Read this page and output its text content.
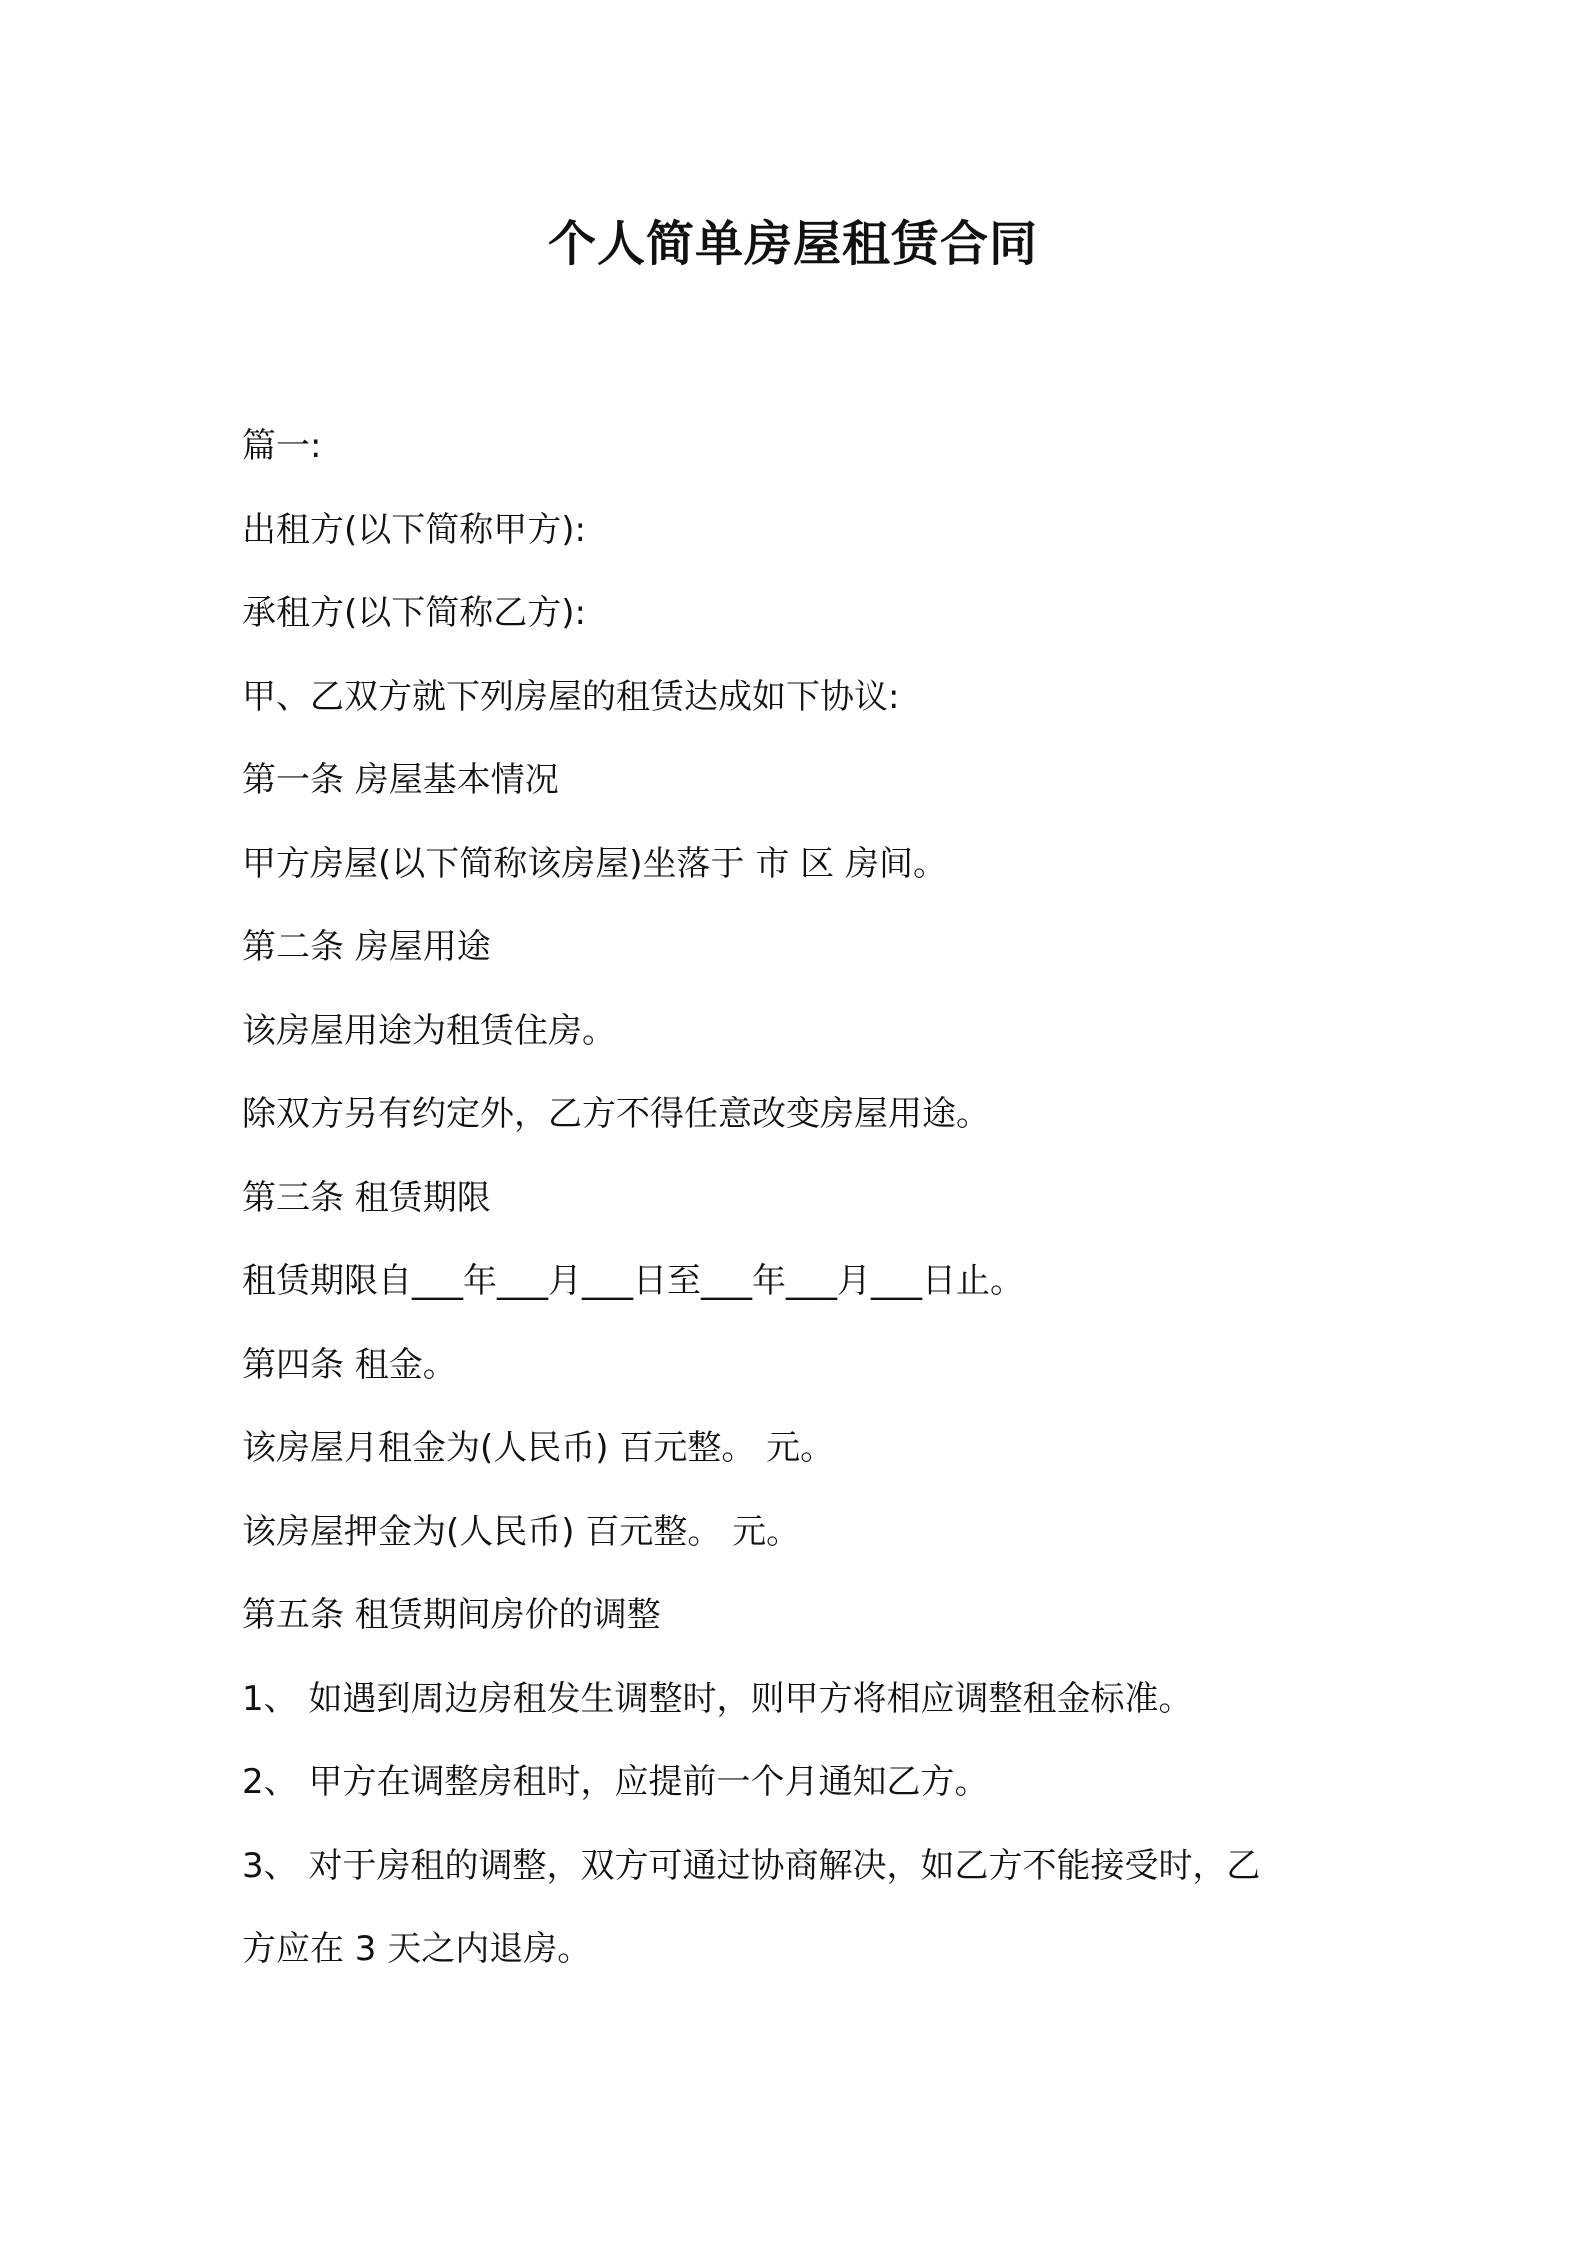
个人简单房屋租赁合同

篇一:

出租方(以下简称甲方):

承租方(以下简称乙方):

甲、乙双方就下列房屋的租赁达成如下协议:

第一条 房屋基本情况

甲方房屋(以下简称该房屋)坐落于 市 区 房间。

第二条 房屋用途

该房屋用途为租赁住房。

除双方另有约定外，乙方不得任意改变房屋用途。

第三条 租赁期限

租赁期限自___年___月___日至___年___月___日止。

第四条 租金。

该房屋月租金为(人民币) 百元整。 元。

该房屋押金为(人民币) 百元整。 元。

第五条 租赁期间房价的调整

1、 如遇到周边房租发生调整时，则甲方将相应调整租金标准。

2、 甲方在调整房租时，应提前一个月通知乙方。

3、 对于房租的调整，双方可通过协商解决，如乙方不能接受时，乙

方应在 3 天之内退房。
